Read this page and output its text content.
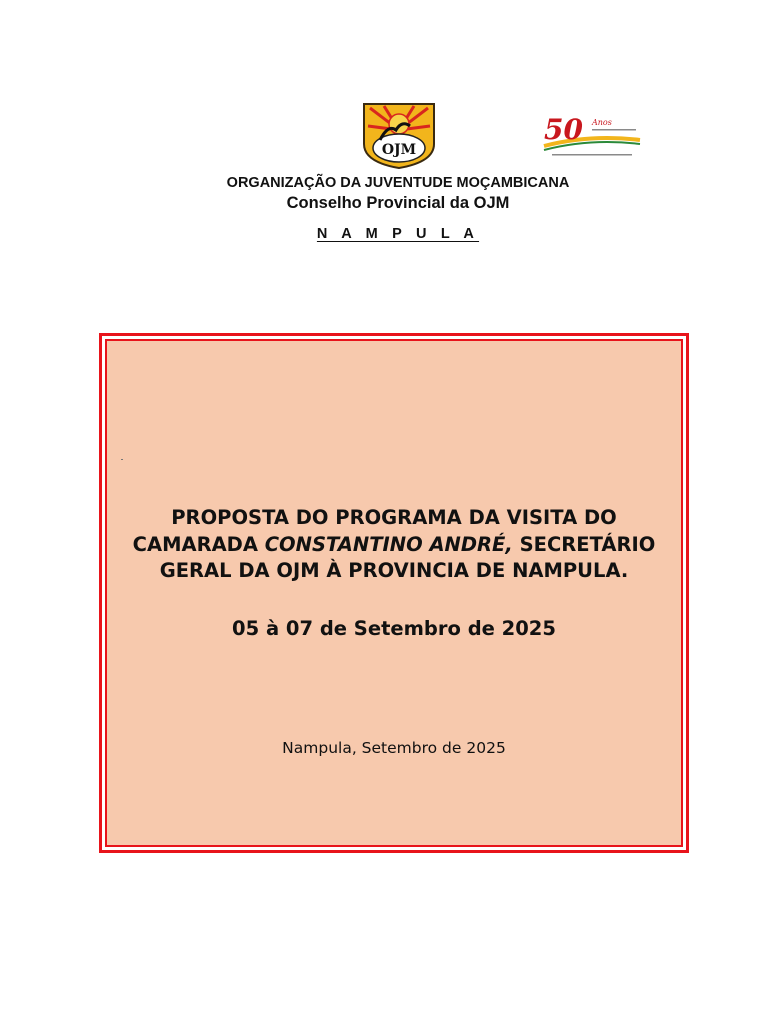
OJM
50 Anos
ORGANIZAÇÃO DA JUVENTUDE MOÇAMBICANA
Conselho Provincial da OJM
N A M P U L A
PROPOSTA DO PROGRAMA DA VISITA DO CAMARADA CONSTANTINO ANDRÉ, SECRETÁRIO GERAL DA OJM À PROVINCIA DE NAMPULA.
05 à 07 de Setembro de 2025
Nampula, Setembro de 2025
